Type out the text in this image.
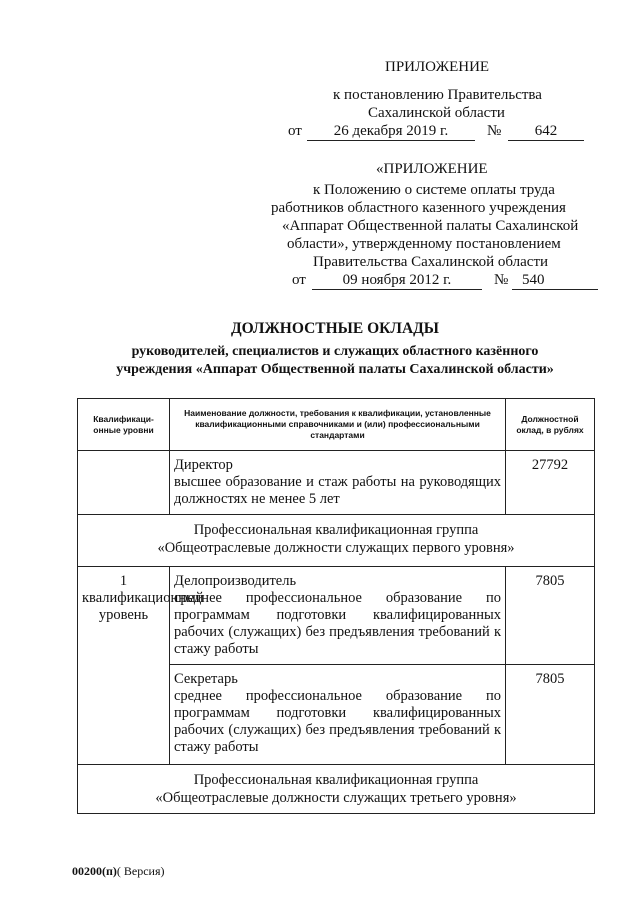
ПРИЛОЖЕНИЕ
к постановлению Правительства
Сахалинской области
от	26 декабря 2019 г.	№	642
«ПРИЛОЖЕНИЕ
к Положению о системе оплаты труда
работников областного казенного учреждения
«Аппарат Общественной палаты Сахалинской
области», утвержденному постановлением
Правительства Сахалинской области
от	09 ноября 2012 г.	№ 540
ДОЛЖНОСТНЫЕ ОКЛАДЫ
руководителей, специалистов и служащих областного казённого
учреждения «Аппарат Общественной палаты Сахалинской области»
Квалификаци-онные уровни	Наименование должности, требования к квалификации, установленные квалификационными справочниками и (или) профессиональными стандартами	Должностной оклад, в рублях

	Директор
высшее образование и стаж работы на руководящих должностях не менее 5 лет	27792

Профессиональная квалификационная группа
«Общеотраслевые должности служащих первого уровня»		

1 квалификационный уровень	Делопроизводитель
среднее профессиональное образование по программам подготовки квалифицированных рабочих (служащих) без предъявления требований к стажу работы	7805

	Секретарь
среднее профессиональное образование по программам подготовки квалифицированных рабочих (служащих) без предъявления требований к стажу работы	7805

Профессиональная квалификационная группа
«Общеотраслевые должности служащих третьего уровня»		
00200(п)( Версия)
